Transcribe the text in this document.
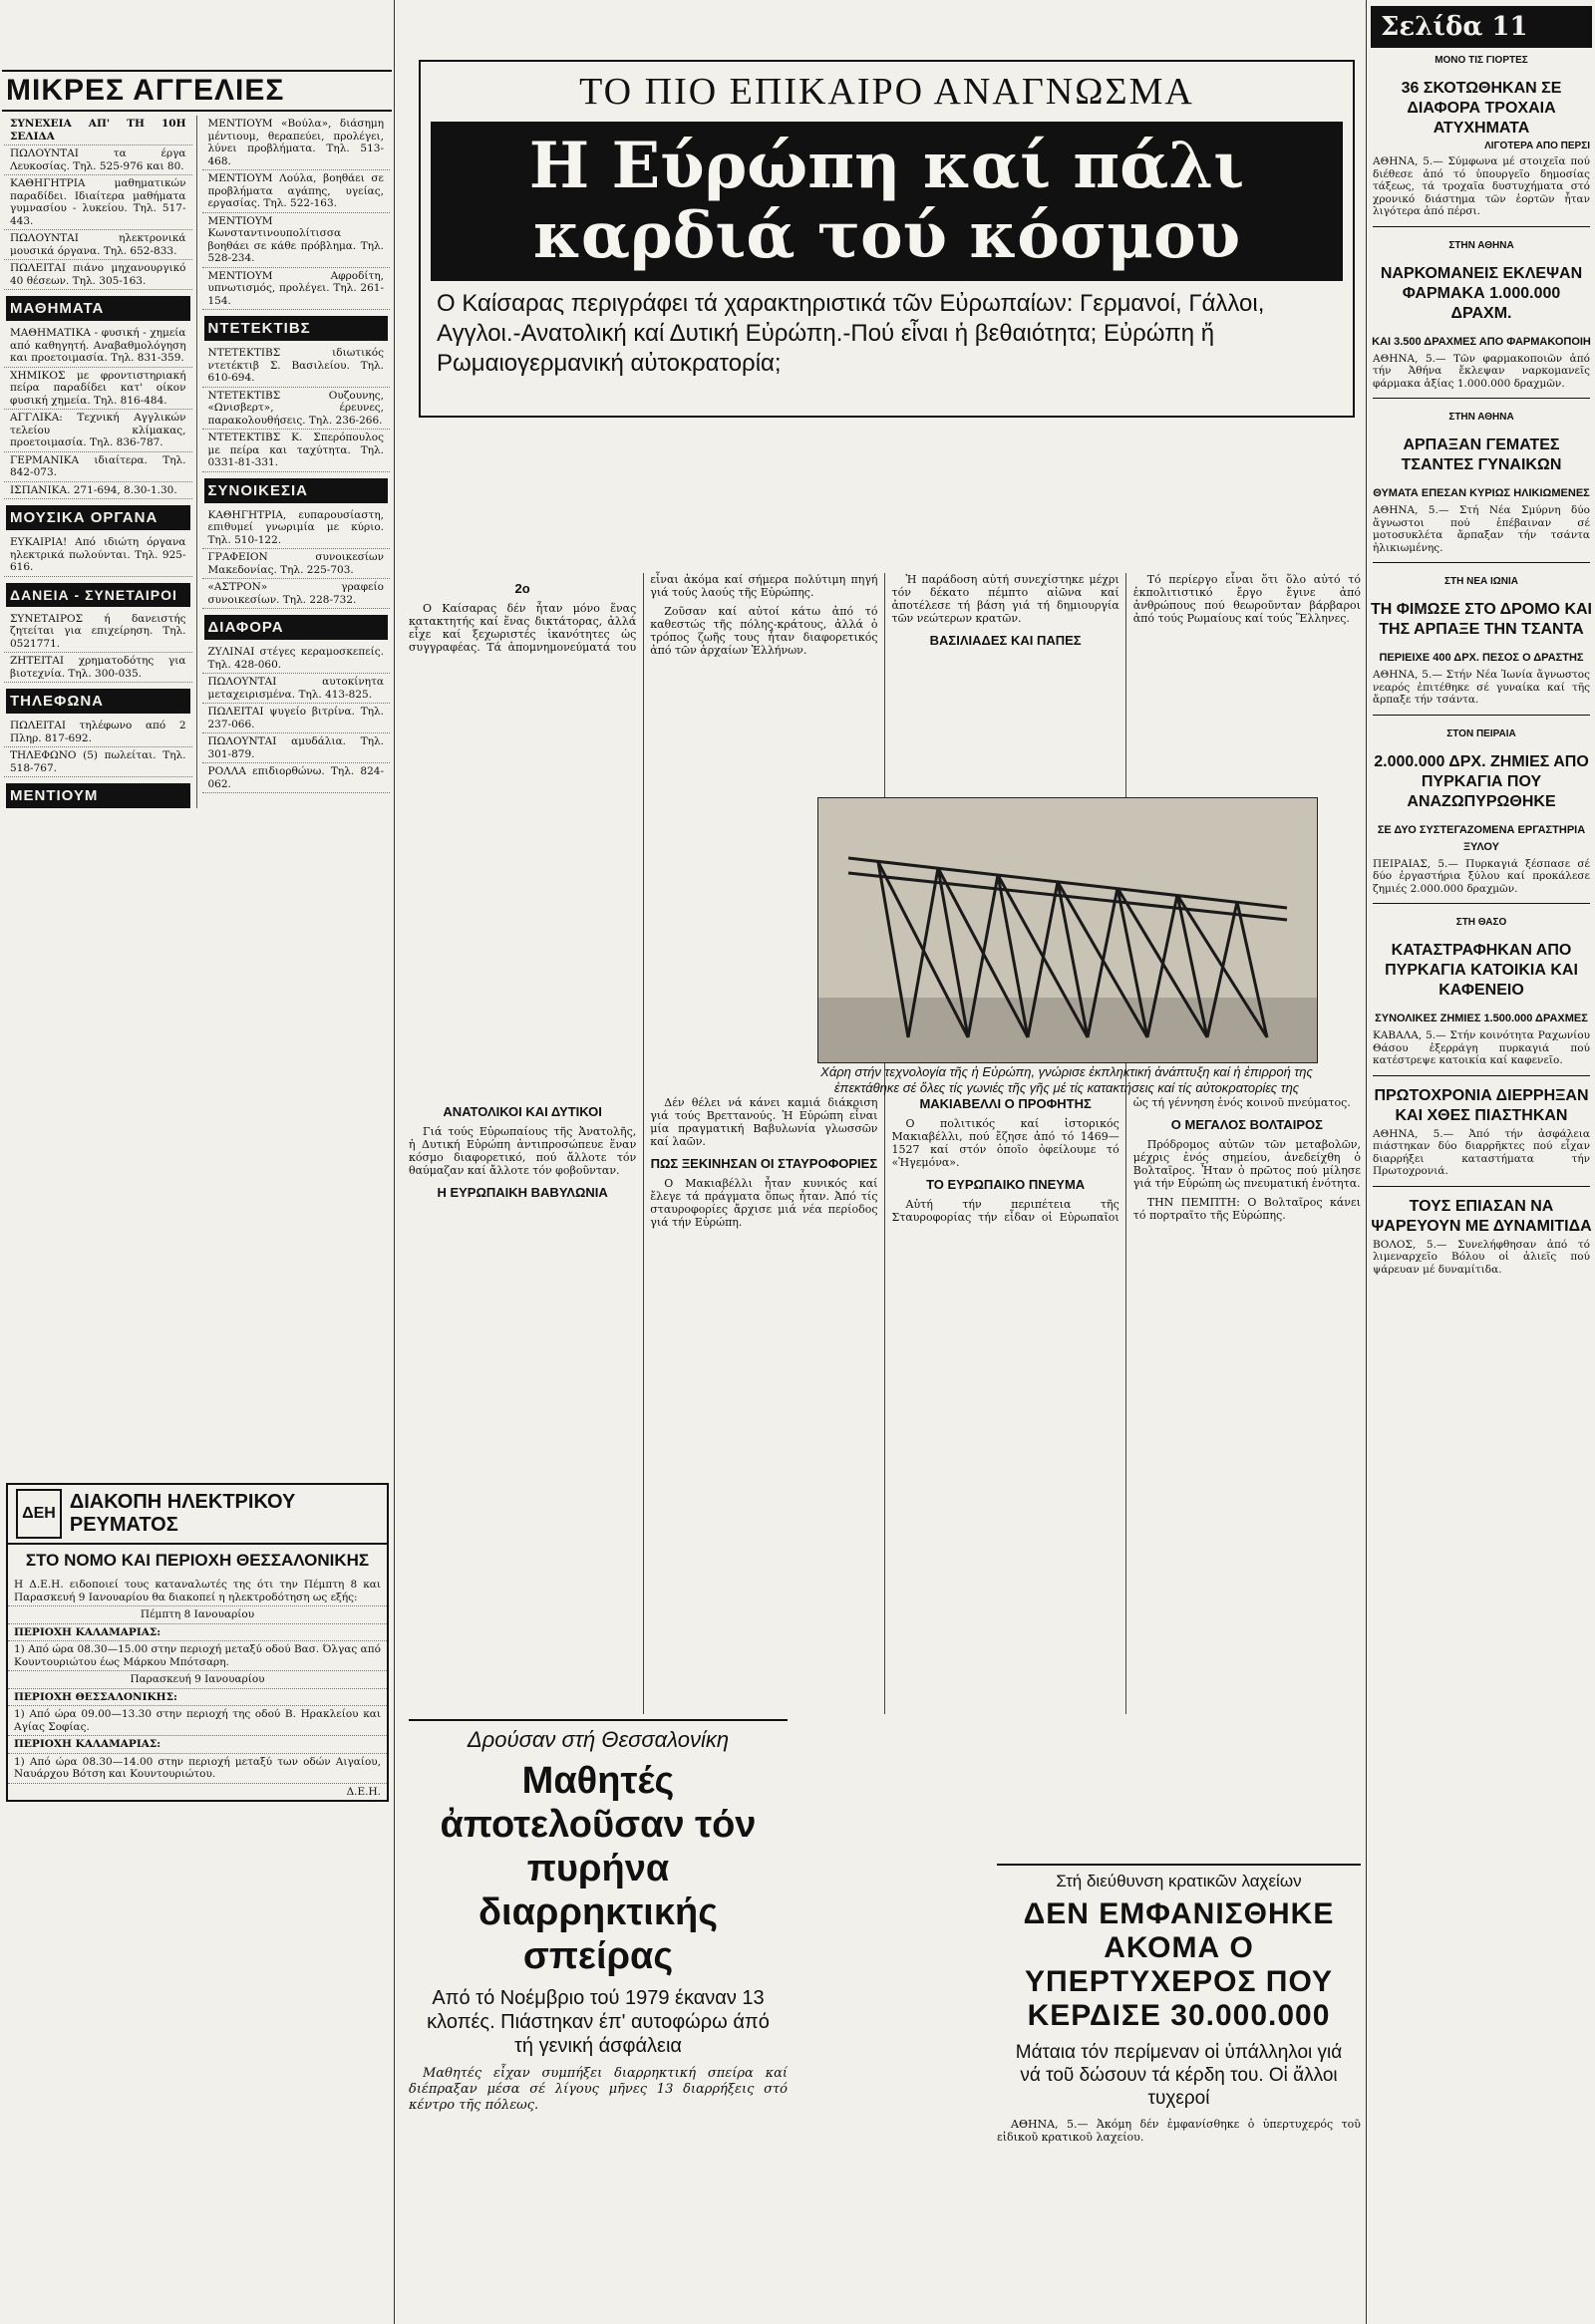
ΜΙΚΡΕΣ ΑΓΓΕΛΙΕΣ

ΣΥΝΕΧΕΙΑ ΑΠ' ΤΗ 10Η ΣΕΛΙΔΑ

ΠΩΛΟΥΝΤΑΙ τα έργα Λευκοσίας. Τηλ. 525-976 και 80.

ΚΑΘΗΓΗΤΡΙΑ μαθηματικών παραδίδει. Ιδιαίτερα μαθήματα γυμνασίου - λυκείου. Τηλ. 517-443.

ΠΩΛΟΥΝΤΑΙ ηλεκτρονικά μουσικά όργανα. Τηλ. 652-833.

ΠΩΛΕΙΤΑΙ πιάνο μηχανουργικό 40 θέσεων. Τηλ. 305-163.

ΜΑΘΗΜΑΤΑ

ΜΑΘΗΜΑΤΙΚΑ - φυσική - χημεία από καθηγητή. Αναβαθμολόγηση και προετοιμασία. Τηλ. 831-359.

ΧΗΜΙΚΟΣ με φροντιστηριακή πείρα παραδίδει κατ' οίκον φυσική χημεία. Τηλ. 816-484.

ΑΓΓΛΙΚΑ: Τεχνική Αγγλικών τελείου κλίμακας, προετοιμασία. Τηλ. 836-787.

ΓΕΡΜΑΝΙΚΑ ιδιαίτερα. Τηλ. 842-073.

ΙΣΠΑΝΙΚΑ. 271-694, 8.30-1.30.

ΜΟΥΣΙΚΑ ΟΡΓΑΝΑ

ΕΥΚΑΙΡΙΑ! Από ιδιώτη όργανα ηλεκτρικά πωλούνται. Τηλ. 925-616.

ΔΑΝΕΙΑ - ΣΥΝΕΤΑΙΡΟΙ

ΣΥΝΕΤΑΙΡΟΣ ή δανειστής ζητείται για επιχείρηση. Τηλ. 0521771.

ΖΗΤΕΙΤΑΙ χρηματοδότης για βιοτεχνία. Τηλ. 300-035.

ΤΗΛΕΦΩΝΑ

ΠΩΛΕΙΤΑΙ τηλέφωνο από 2 Πληρ. 817-692.

ΤΗΛΕΦΩΝΟ (5) πωλείται. Τηλ. 518-767.

ΜΕΝΤΙΟΥΜ

ΜΕΝΤΙΟΥΜ «Βούλα», διάσημη μέντιουμ, θεραπεύει, προλέγει, λύνει προβλήματα. Τηλ. 513-468.

ΜΕΝΤΙΟΥΜ Λούλα, βοηθάει σε προβλήματα αγάπης, υγείας, εργασίας. Τηλ. 522-163.

ΜΕΝΤΙΟΥΜ Κωνσταντινουπολίτισσα βοηθάει σε κάθε πρόβλημα. Τηλ. 528-234.

ΜΕΝΤΙΟΥΜ Αφροδίτη, υπνωτισμός, προλέγει. Τηλ. 261-154.

ΝΤΕΤΕΚΤΙΒΣ

ΝΤΕΤΕΚΤΙΒΣ ιδιωτικός ντετέκτιβ Σ. Βασιλείου. Τηλ. 610-694.

ΝΤΕΤΕΚΤΙΒΣ Ουζουνης, «Ωνισβερτ», έρευνες, παρακολουθήσεις. Τηλ. 236-266.

ΝΤΕΤΕΚΤΙΒΣ Κ. Σπερόπουλος με πείρα και ταχύτητα. Τηλ. 0331-81-331.

ΣΥΝΟΙΚΕΣΙΑ

ΚΑΘΗΓΗΤΡΙΑ, ευπαρουσίαστη, επιθυμεί γνωριμία με κύριο. Τηλ. 510-122.

ΓΡΑΦΕΙΟΝ συνοικεσίων Μακεδονίας. Τηλ. 225-703.

«ΑΣΤΡΟΝ» γραφείο συνοικεσίων. Τηλ. 228-732.

ΔΙΑΦΟΡΑ

ΖΥΛΙΝΑΙ στέγες κεραμοσκεπείς. Τηλ. 428-060.

ΠΩΛΟΥΝΤΑΙ αυτοκίνητα μεταχειρισμένα. Τηλ. 413-825.

ΠΩΛΕΙΤΑΙ ψυγείο βιτρίνα. Τηλ. 237-066.

ΠΩΛΟΥΝΤΑΙ αμυδάλια. Τηλ. 301-879.

ΡΟΛΛΑ επιδιορθώνω. Τηλ. 824-062.

ΔΕΗ
ΔΙΑΚΟΠΗ ΗΛΕΚΤΡΙΚΟΥ ΡΕΥΜΑΤΟΣ
ΣΤΟ ΝΟΜΟ ΚΑΙ ΠΕΡΙΟΧΗ ΘΕΣΣΑΛΟΝΙΚΗΣ

Η Δ.Ε.Η. ειδοποιεί τους καταναλωτές της ότι την Πέμπτη 8 και Παρασκευή 9 Ιανουαρίου θα διακοπεί η ηλεκτροδότηση ως εξής:

Πέμπτη 8 Ιανουαρίου

ΠΕΡΙΟΧΗ ΚΑΛΑΜΑΡΙΑΣ:

1) Από ώρα 08.30—15.00 στην περιοχή μεταξύ οδού Βασ. Όλγας από Κουντουριώτου έως Μάρκου Μπότσαρη.

Παρασκευή 9 Ιανουαρίου

ΠΕΡΙΟΧΗ ΘΕΣΣΑΛΟΝΙΚΗΣ:

1) Από ώρα 09.00—13.30 στην περιοχή της οδού Β. Ηρακλείου και Αγίας Σοφίας.

ΠΕΡΙΟΧΗ ΚΑΛΑΜΑΡΙΑΣ:

1) Από ώρα 08.30—14.00 στην περιοχή μεταξύ των οδών Αιγαίου, Ναυάρχου Βότση και Κουντουριώτου.

Δ.Ε.Η.

ΤΟ ΠΙΟ ΕΠΙΚΑΙΡΟ ΑΝΑΓΝΩΣΜΑ
Η Εύρώπη καί πάλι
καρδιά τού κόσμου
Ο Καίσαρας περιγράφει τά χαρακτηριστικά τῶν Εὐρωπαίων: Γερμανοί, Γάλλοι, Αγγλοι.-Ανατολική καί Δυτική Εὐρώπη.-Πού εἶναι ἡ βεθαιότητα; Εὐρώπη ἤ Ρωμαιογερμανική αὐτοκρατορία;
2ο

Ο Καίσαρας δέν ἦταν μόνο ἕνας κατακτητής καί ἕνας δικτάτορας, ἀλλά εἶχε καί ξεχωριστές ἱκανότητες ὡς συγγραφέας. Τά ἀπομνημονεύματά του εἶναι ἀκόμα καί σήμερα πολύτιμη πηγή γιά τούς λαούς τῆς Εὐρώπης.

Ζοῦσαν καί αὐτοί κάτω ἀπό τό καθεστώς τῆς πόλης-κράτους, ἀλλά ὁ τρόπος ζωῆς τους ἦταν διαφορετικός ἀπό τῶν ἀρχαίων Ἑλλήνων.

Ἡ παράδοση αὐτή συνεχίστηκε μέχρι τόν δέκατο πέμπτο αἰῶνα καί ἀποτέλεσε τή βάση γιά τή δημιουργία τῶν νεώτερων κρατῶν.

ΒΑΣΙΛΙΑΔΕΣ ΚΑΙ ΠΑΠΕΣ

Τό περίεργο εἶναι ὅτι ὅλο αὐτό τό ἐκπολιτιστικό ἔργο ἔγινε ἀπό ἀνθρώπους πού θεωροῦνταν βάρβαροι ἀπό τούς Ρωμαίους καί τούς Ἕλληνες.

Χάρη στήν τεχνολογία τῆς ἡ Εὐρώπη, γνώρισε ἐκπληκτική ἀνάπτυξη καί ἡ ἐπιρροή της ἐπεκτάθηκε σέ ὅλες τίς γωνιές τῆς γῆς μέ τίς κατακτήσεις καί τίς αὐτοκρατορίες της
ΑΝΑΤΟΛΙΚΟΙ ΚΑΙ ΔΥΤΙΚΟΙ

Γιά τούς Εὐρωπαίους τῆς Ἀνατολῆς, ἡ Δυτική Εὐρώπη ἀντιπροσώπευε ἕναν κόσμο διαφορετικό, πού ἄλλοτε τόν θαύμαζαν καί ἄλλοτε τόν φοβοῦνταν.

Η ΕΥΡΩΠΑΙΚΗ ΒΑΒΥΛΩΝΙΑ

Δέν θέλει νά κάνει καμιά διάκριση γιά τούς Βρεττανούς. Ἡ Εὐρώπη εἶναι μία πραγματική Βαβυλωνία γλωσσῶν καί λαῶν.

ΠΩΣ ΞΕΚΙΝΗΣΑΝ ΟΙ ΣΤΑΥΡΟΦΟΡΙΕΣ

Ο Μακιαβέλλι ἦταν κυνικός καί ἔλεγε τά πράγματα ὅπως ἦταν. Ἀπό τίς σταυροφορίες ἄρχισε μιά νέα περίοδος γιά τήν Εὐρώπη.

ΜΑΚΙΑΒΕΛΛΙ Ο ΠΡΟΦΗΤΗΣ

Ο πολιτικός καί ἱστορικός Μακιαβέλλι, πού ἔζησε ἀπό τό 1469—1527 καί στόν ὁποῖο ὀφείλουμε τό «Ἡγεμόνα».

ΤΟ ΕΥΡΩΠΑΙΚΟ ΠΝΕΥΜΑ

Αὐτή τήν περιπέτεια τῆς Σταυροφορίας τήν εἶδαν οἱ Εὐρωπαῖοι ὡς τή γέννηση ἑνός κοινοῦ πνεύματος.

Ο ΜΕΓΑΛΟΣ ΒΟΛΤΑΙΡΟΣ

Πρόδρομος αὐτῶν τῶν μεταβολῶν, μέχρις ἑνός σημείου, ἀνεδείχθη ὁ Βολταῖρος. Ἦταν ὁ πρῶτος πού μίλησε γιά τήν Εὐρώπη ὡς πνευματική ἑνότητα.

ΤΗΝ ΠΕΜΠΤΗ: Ο Βολταῖρος κάνει τό πορτραῖτο τῆς Εὐρώπης.

Δρούσαν στή Θεσσαλονίκη
Μαθητές ἀποτελοῦσαν τόν πυρήνα διαρρηκτικής σπείρας
Από τό Νοέμβριο τού 1979 έκαναν 13 κλοπές. Πιάστηκαν έπ' αυτοφώρω άπό τή γενική άσφάλεια

Μαθητές εἶχαν συμπήξει διαρρηκτική σπείρα καί διέπραξαν μέσα σέ λίγους μῆνες 13 διαρρήξεις στό κέντρο τῆς πόλεως.

Στή διεύθυνση κρατικῶν λαχείων
ΔΕΝ ΕΜΦΑΝΙΣΘΗΚΕ ΑΚΟΜΑ Ο ΥΠΕΡΤΥΧΕΡΟΣ ΠΟΥ ΚΕΡΔΙΣΕ 30.000.000
Μάταια τόν περίμεναν οἱ ὑπάλληλοι γιά νά τοῦ δώσουν τά κέρδη του. Οἱ ἄλλοι τυχεροί

ΑΘΗΝΑ, 5.— Ἀκόμη δέν ἐμφανίσθηκε ὁ ὑπερτυχερός τοῦ εἰδικοῦ κρατικοῦ λαχείου.

Σελίδα 11
ΜΟΝΟ ΤΙΣ ΓΙΟΡΤΕΣ
36 ΣΚΟΤΩΘΗΚΑΝ ΣΕ ΔΙΑΦΟΡΑ ΤΡΟΧΑΙΑ ΑΤΥΧΗΜΑΤΑ
ΛΙΓΟΤΕΡΑ ΑΠΟ ΠΕΡΣΙ

ΑΘΗΝΑ, 5.— Σύμφωνα μέ στοιχεῖα πού διέθεσε ἀπό τό ὑπουργεῖο δημοσίας τάξεως, τά τροχαῖα δυστυχήματα στό χρονικό διάστημα τῶν ἑορτῶν ἦταν λιγότερα ἀπό πέρσι.

ΣΤΗΝ ΑΘΗΝΑ
ΝΑΡΚΟΜΑΝΕΙΣ ΕΚΛΕΨΑΝ ΦΑΡΜΑΚΑ 1.000.000 ΔΡΑΧΜ.
ΚΑΙ 3.500 ΔΡΑΧΜΕΣ ΑΠΟ ΦΑΡΜΑΚΟΠΟΙΗ

ΑΘΗΝΑ, 5.— Τῶν φαρμακοποιῶν ἀπό τήν Ἀθήνα ἔκλεψαν ναρκομανεῖς φάρμακα ἀξίας 1.000.000 δραχμῶν.

ΣΤΗΝ ΑΘΗΝΑ
ΑΡΠΑΞΑΝ ΓΕΜΑΤΕΣ ΤΣΑΝΤΕΣ ΓΥΝΑΙΚΩΝ
ΘΥΜΑΤΑ ΕΠΕΣΑΝ ΚΥΡΙΩΣ ΗΛΙΚΙΩΜΕΝΕΣ

ΑΘΗΝΑ, 5.— Στή Νέα Σμύρνη δύο ἄγνωστοι πού ἐπέβαιναν σέ μοτοσυκλέτα ἄρπαξαν τήν τσάντα ἡλικιωμένης.

ΣΤΗ ΝΕΑ ΙΩΝΙΑ
ΤΗ ΦΙΜΩΣΕ ΣΤΟ ΔΡΟΜΟ ΚΑΙ ΤΗΣ ΑΡΠΑΞΕ ΤΗΝ ΤΣΑΝΤΑ
ΠΕΡΙΕΙΧΕ 400 ΔΡΧ. ΠΕΣΟΣ Ο ΔΡΑΣΤΗΣ

ΑΘΗΝΑ, 5.— Στήν Νέα Ἰωνία ἄγνωστος νεαρός ἐπιτέθηκε σέ γυναίκα καί τῆς ἄρπαξε τήν τσάντα.

ΣΤΟΝ ΠΕΙΡΑΙΑ
2.000.000 ΔΡΧ. ΖΗΜΙΕΣ ΑΠΟ ΠΥΡΚΑΓΙΑ ΠΟΥ ΑΝΑΖΩΠΥΡΩΘΗΚΕ
ΣΕ ΔΥΟ ΣΥΣΤΕΓΑΖΟΜΕΝΑ ΕΡΓΑΣΤΗΡΙΑ ΞΥΛΟΥ

ΠΕΙΡΑΙΑΣ, 5.— Πυρκαγιά ξέσπασε σέ δύο ἐργαστήρια ξύλου καί προκάλεσε ζημιές 2.000.000 δραχμῶν.

ΣΤΗ ΘΑΣΟ
ΚΑΤΑΣΤΡΑΦΗΚΑΝ ΑΠΟ ΠΥΡΚΑΓΙΑ ΚΑΤΟΙΚΙΑ ΚΑΙ ΚΑΦΕΝΕΙΟ
ΣΥΝΟΛΙΚΕΣ ΖΗΜΙΕΣ 1.500.000 ΔΡΑΧΜΕΣ

ΚΑΒΑΛΑ, 5.— Στήν κοινότητα Ραχωνίου Θάσου ἐξερράγη πυρκαγιά πού κατέστρεψε κατοικία καί καφενεῖο.

ΠΡΩΤΟΧΡΟΝΙΑ ΔΙΕΡΡΗΞΑΝ ΚΑΙ ΧΘΕΣ ΠΙΑΣΤΗΚΑΝ

ΑΘΗΝΑ, 5.— Ἀπό τήν ἀσφάλεια πιάστηκαν δύο διαρρῆκτες πού εἶχαν διαρρήξει καταστήματα τήν Πρωτοχρονιά.

ΤΟΥΣ ΕΠΙΑΣΑΝ ΝΑ ΨΑΡΕΥΟΥΝ ΜΕ ΔΥΝΑΜΙΤΙΔΑ

ΒΟΛΟΣ, 5.— Συνελήφθησαν ἀπό τό λιμεναρχεῖο Βόλου οἱ ἁλιεῖς πού ψάρευαν μέ δυναμίτιδα.
